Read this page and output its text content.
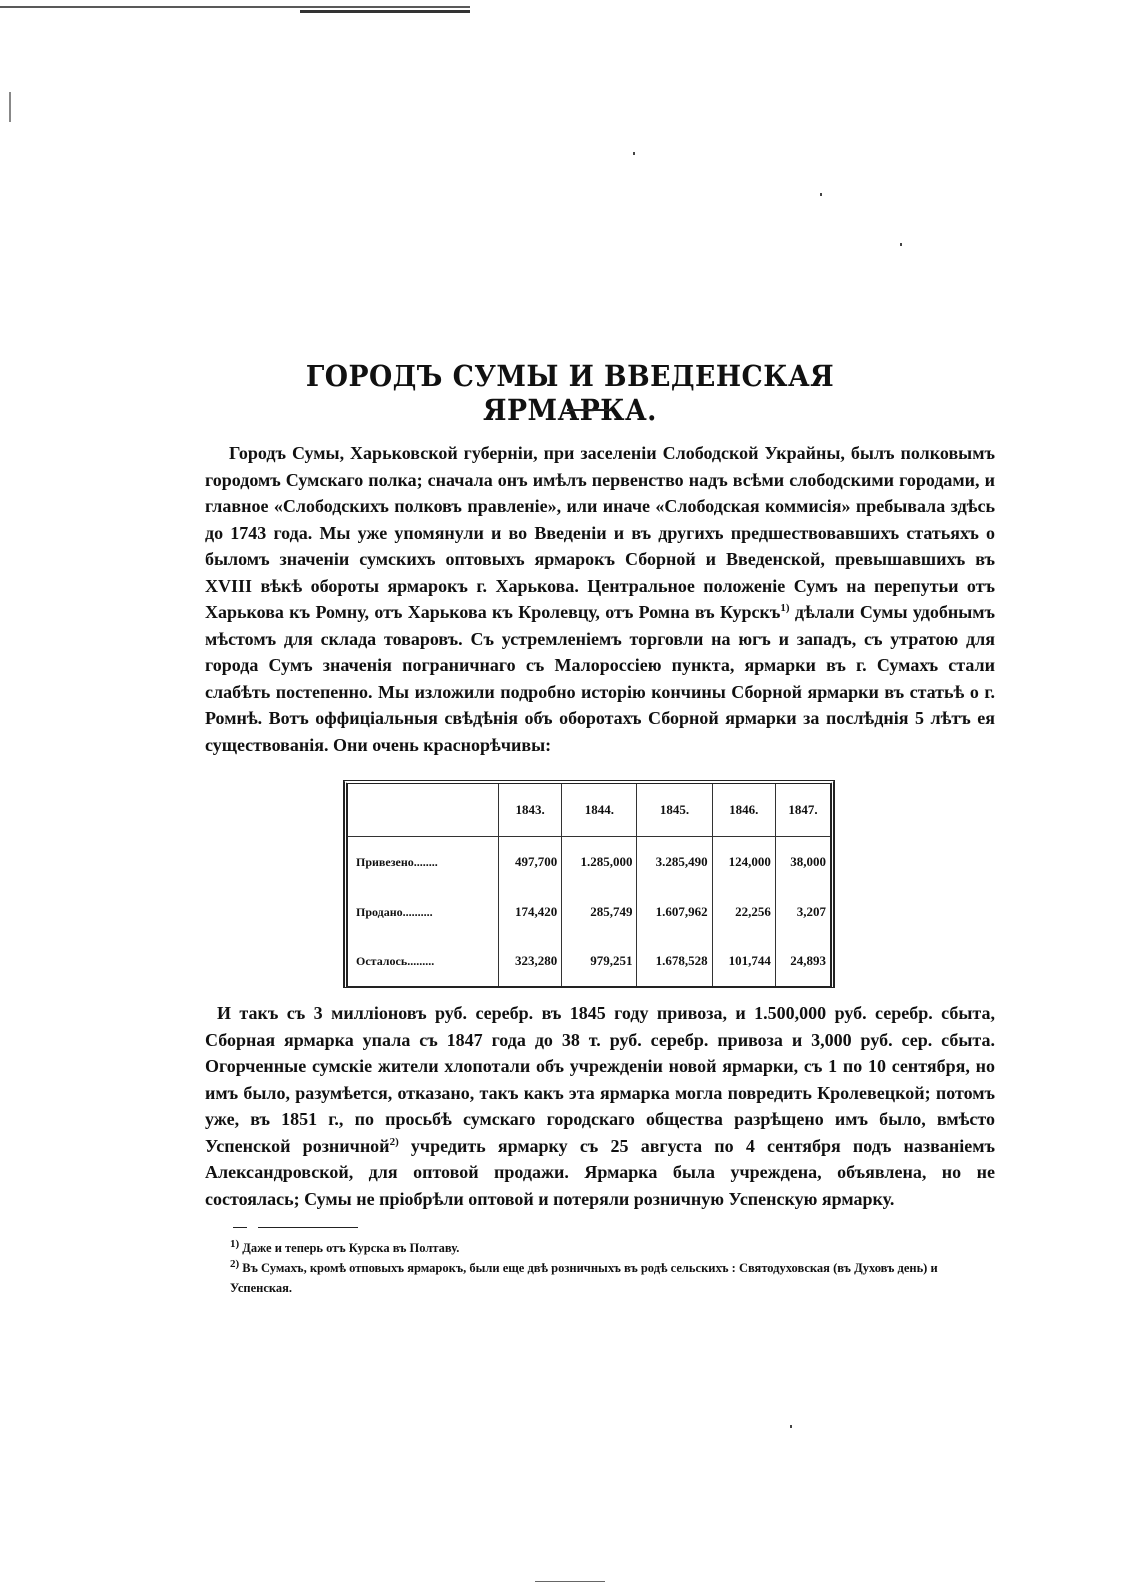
ГОРОДЪ СУМЫ И ВВЕДЕНСКАЯ ЯРМАРКА.

Городъ Сумы, Харьковской губерніи, при заселеніи Слободской Украйны, былъ полковымъ городомъ Сумскаго полка; сначала онъ имѣлъ первенство надъ всѣми слободскими городами, и главное «Слободскихъ полковъ правленіе», или иначе «Слободская коммисія» пребывала здѣсь до 1743 года. Мы уже упомянули и во Введеніи и въ другихъ предшествовавшихъ статьяхъ о быломъ значеніи сумскихъ оптовыхъ ярмарокъ Сборной и Введенской, превышавшихъ въ XVIII вѣкѣ обороты ярмарокъ г. Харькова. Центральное положеніе Сумъ на перепутьи отъ Харькова къ Ромну, отъ Харькова къ Кролевцу, отъ Ромна въ Курскъ$^{1)}$ дѣлали Сумы удобнымъ мѣстомъ для склада товаровъ. Съ устремленіемъ торговли на югъ и западъ, съ утратою для города Сумъ значенія пограничнаго съ Малороссіею пункта, ярмарки въ г. Сумахъ стали слабѣть постепенно. Мы изложили подробно исторію кончины Сборной ярмарки въ статьѣ о г. Ромнѣ. Вотъ оффиціальныя свѣдѣнія объ оборотахъ Сборной ярмарки за послѣднія 5 лѣтъ ея существованія. Они очень краснорѣчивы:

	1843.	1844.	1845.	1846.	1847.
Привезено........	497,700	1.285,000	3.285,490	124,000	38,000
Продано..........	174,420	285,749	1.607,962	22,256	3,207
Осталось.........	323,280	979,251	1.678,528	101,744	24,893

И такъ съ 3 милліоновъ руб. серебр. въ 1845 году привоза, и 1.500,000 руб. серебр. сбыта, Сборная ярмарка упала съ 1847 года до 38 т. руб. серебр. привоза и 3,000 руб. сер. сбыта. Огорченные сумскіе жители хлопотали объ учрежденіи новой ярмарки, съ 1 по 10 сентября, но имъ было, разумѣется, отказано, такъ какъ эта ярмарка могла повредить Кролевецкой; потомъ уже, въ 1851 г., по просьбѣ сумскаго городскаго общества разрѣшено имъ было, вмѣсто Успенской розничной$^{2)}$ учредить ярмарку съ 25 августа по 4 сентября подъ названіемъ Александровской, для оптовой продажи. Ярмарка была учреждена, объявлена, но не состоялась; Сумы не пріобрѣли оптовой и потеряли розничную Успенскую ярмарку.

$^{1)}$ Даже и теперь отъ Курска въ Полтаву.

$^{2)}$ Въ Сумахъ, кромѣ отповыхъ ярмарокъ, были еще двѣ розничныхъ въ родѣ сельскихъ : Святодуховская (въ Духовъ день) и Успенская.
